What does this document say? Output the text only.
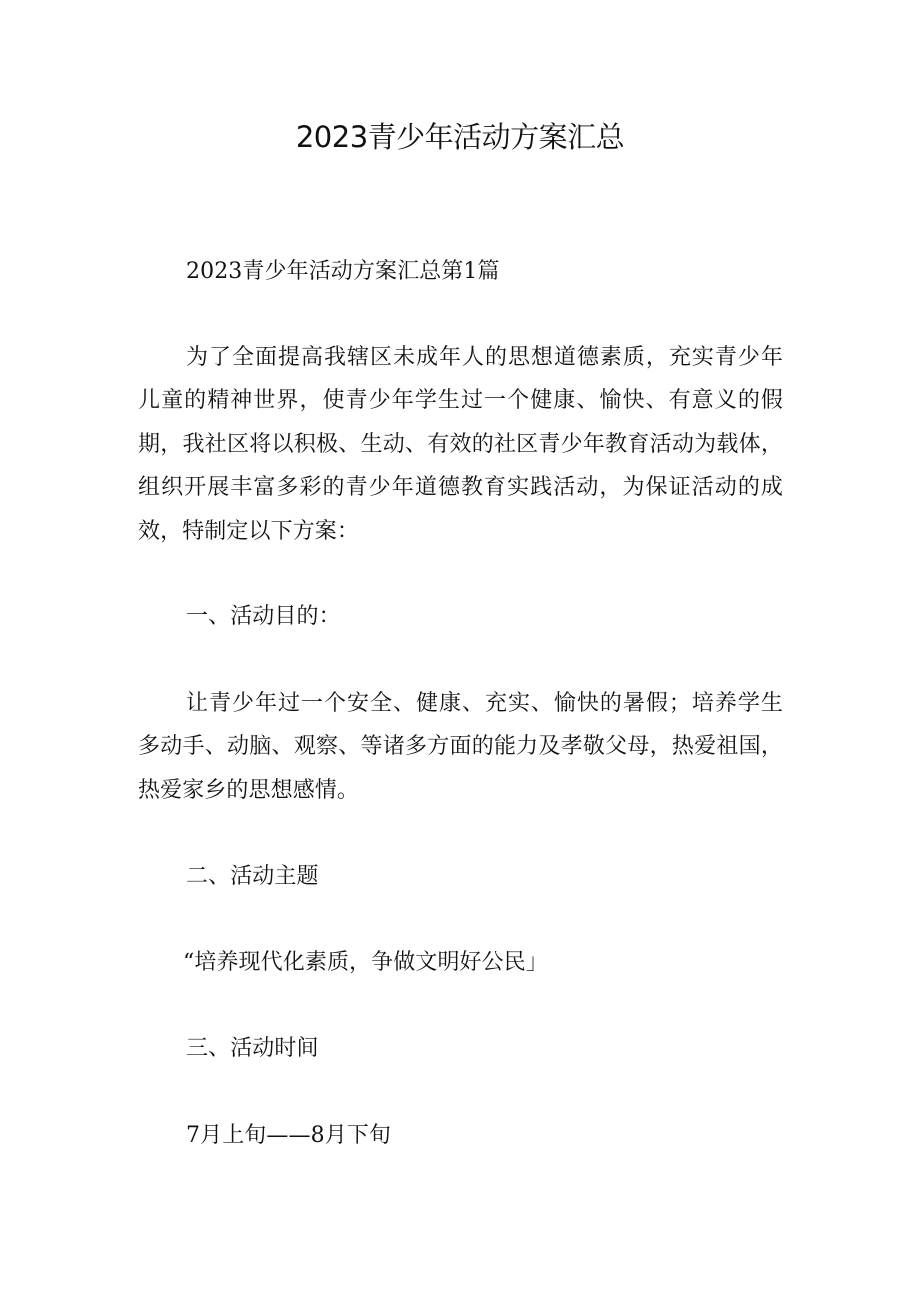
2023青少年活动方案汇总
2023青少年活动方案汇总第1篇
为了全面提高我辖区未成年人的思想道德素质，充实青少年
儿童的精神世界，使青少年学生过一个健康、愉快、有意义的假
期，我社区将以积极、生动、有效的社区青少年教育活动为载体，
组织开展丰富多彩的青少年道德教育实践活动，为保证活动的成
效，特制定以下方案：
一、活动目的：
让青少年过一个安全、健康、充实、愉快的暑假；培养学生
多动手、动脑、观察、等诸多方面的能力及孝敬父母，热爱祖国，
热爱家乡的思想感情。
二、活动主题
“培养现代化素质，争做文明好公民」
三、活动时间
7月上旬——8月下旬
